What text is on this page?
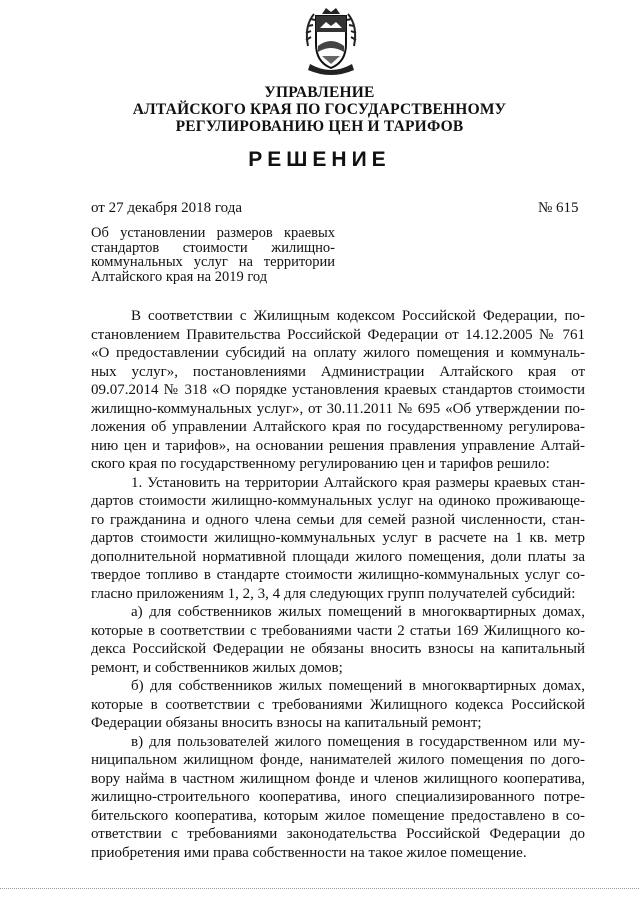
УПРАВЛЕНИЕ
АЛТАЙСКОГО КРАЯ ПО ГОСУДАРСТВЕННОМУ
РЕГУЛИРОВАНИЮ ЦЕН И ТАРИФОВ
РЕШЕНИЕ
от 27 декабря 2018 года	№ 615
Об установлении размеров краевых
стандартов стоимости жилищно-
коммунальных услуг на территории
Алтайского края на 2019 год
В соответствии с Жилищным кодексом Российской Федерации, по-
становлением Правительства Российской Федерации от 14.12.2005 № 761
«О предоставлении субсидий на оплату жилого помещения и коммуналь-
ных услуг», постановлениями Администрации Алтайского края от
09.07.2014 № 318 «О порядке установления краевых стандартов стоимости
жилищно-коммунальных услуг», от 30.11.2011 № 695 «Об утверждении по-
ложения об управлении Алтайского края по государственному регулирова-
нию цен и тарифов», на основании решения правления управление Алтай-
ского края по государственному регулированию цен и тарифов решило:
1. Установить на территории Алтайского края размеры краевых стан-
дартов стоимости жилищно-коммунальных услуг на одиноко проживающе-
го гражданина и одного члена семьи для семей разной численности, стан-
дартов стоимости жилищно-коммунальных услуг в расчете на 1 кв. метр
дополнительной нормативной площади жилого помещения, доли платы за
твердое топливо в стандарте стоимости жилищно-коммунальных услуг со-
гласно приложениям 1, 2, 3, 4 для следующих групп получателей субсидий:
а) для собственников жилых помещений в многоквартирных домах,
которые в соответствии с требованиями части 2 статьи 169 Жилищного ко-
декса Российской Федерации не обязаны вносить взносы на капитальный
ремонт, и собственников жилых домов;
б) для собственников жилых помещений в многоквартирных домах,
которые в соответствии с требованиями Жилищного кодекса Российской
Федерации обязаны вносить взносы на капитальный ремонт;
в) для пользователей жилого помещения в государственном или му-
ниципальном жилищном фонде, нанимателей жилого помещения по дого-
вору найма в частном жилищном фонде и членов жилищного кооператива,
жилищно-строительного кооператива, иного специализированного потре-
бительского кооператива, которым жилое помещение предоставлено в со-
ответствии с требованиями законодательства Российской Федерации до
приобретения ими права собственности на такое жилое помещение.
